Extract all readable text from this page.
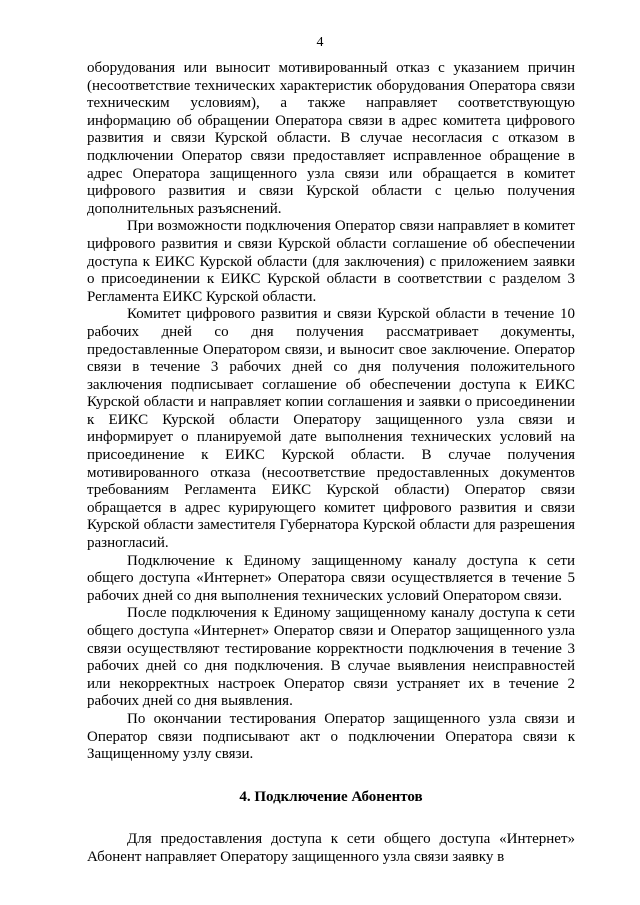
4

оборудования или выносит мотивированный отказ с указанием причин (несоответствие технических характеристик оборудования Оператора связи техническим условиям), а также направляет соответствующую информацию об обращении Оператора связи в адрес комитета цифрового развития и связи Курской области. В случае несогласия с отказом в подключении Оператор связи предоставляет исправленное обращение в адрес Оператора защищенного узла связи или обращается в комитет цифрового развития и связи Курской области с целью получения дополнительных разъяснений.

При возможности подключения Оператор связи направляет в комитет цифрового развития и связи Курской области соглашение об обеспечении доступа к ЕИКС Курской области (для заключения) с приложением заявки о присоединении к ЕИКС Курской области в соответствии с разделом 3 Регламента ЕИКС Курской области.

Комитет цифрового развития и связи Курской области в течение 10 рабочих дней со дня получения рассматривает документы, предоставленные Оператором связи, и выносит свое заключение. Оператор связи в течение 3 рабочих дней со дня получения положительного заключения подписывает соглашение об обеспечении доступа к ЕИКС Курской области и направляет копии соглашения и заявки о присоединении к ЕИКС Курской области Оператору защищенного узла связи и информирует о планируемой дате выполнения технических условий на присоединение к ЕИКС Курской области. В случае получения мотивированного отказа (несоответствие предоставленных документов требованиям Регламента ЕИКС Курской области) Оператор связи обращается в адрес курирующего комитет цифрового развития и связи Курской области заместителя Губернатора Курской области для разрешения разногласий.

Подключение к Единому защищенному каналу доступа к сети общего доступа «Интернет» Оператора связи осуществляется в течение 5 рабочих дней со дня выполнения технических условий Оператором связи.

После подключения к Единому защищенному каналу доступа к сети общего доступа «Интернет» Оператор связи и Оператор защищенного узла связи осуществляют тестирование корректности подключения в течение 3 рабочих дней со дня подключения. В случае выявления неисправностей или некорректных настроек Оператор связи устраняет их в течение 2 рабочих дней со дня выявления.

По окончании тестирования Оператор защищенного узла связи и Оператор связи подписывают акт о подключении Оператора связи к Защищенному узлу связи.

4. Подключение Абонентов

Для предоставления доступа к сети общего доступа «Интернет» Абонент направляет Оператору защищенного узла связи заявку в
